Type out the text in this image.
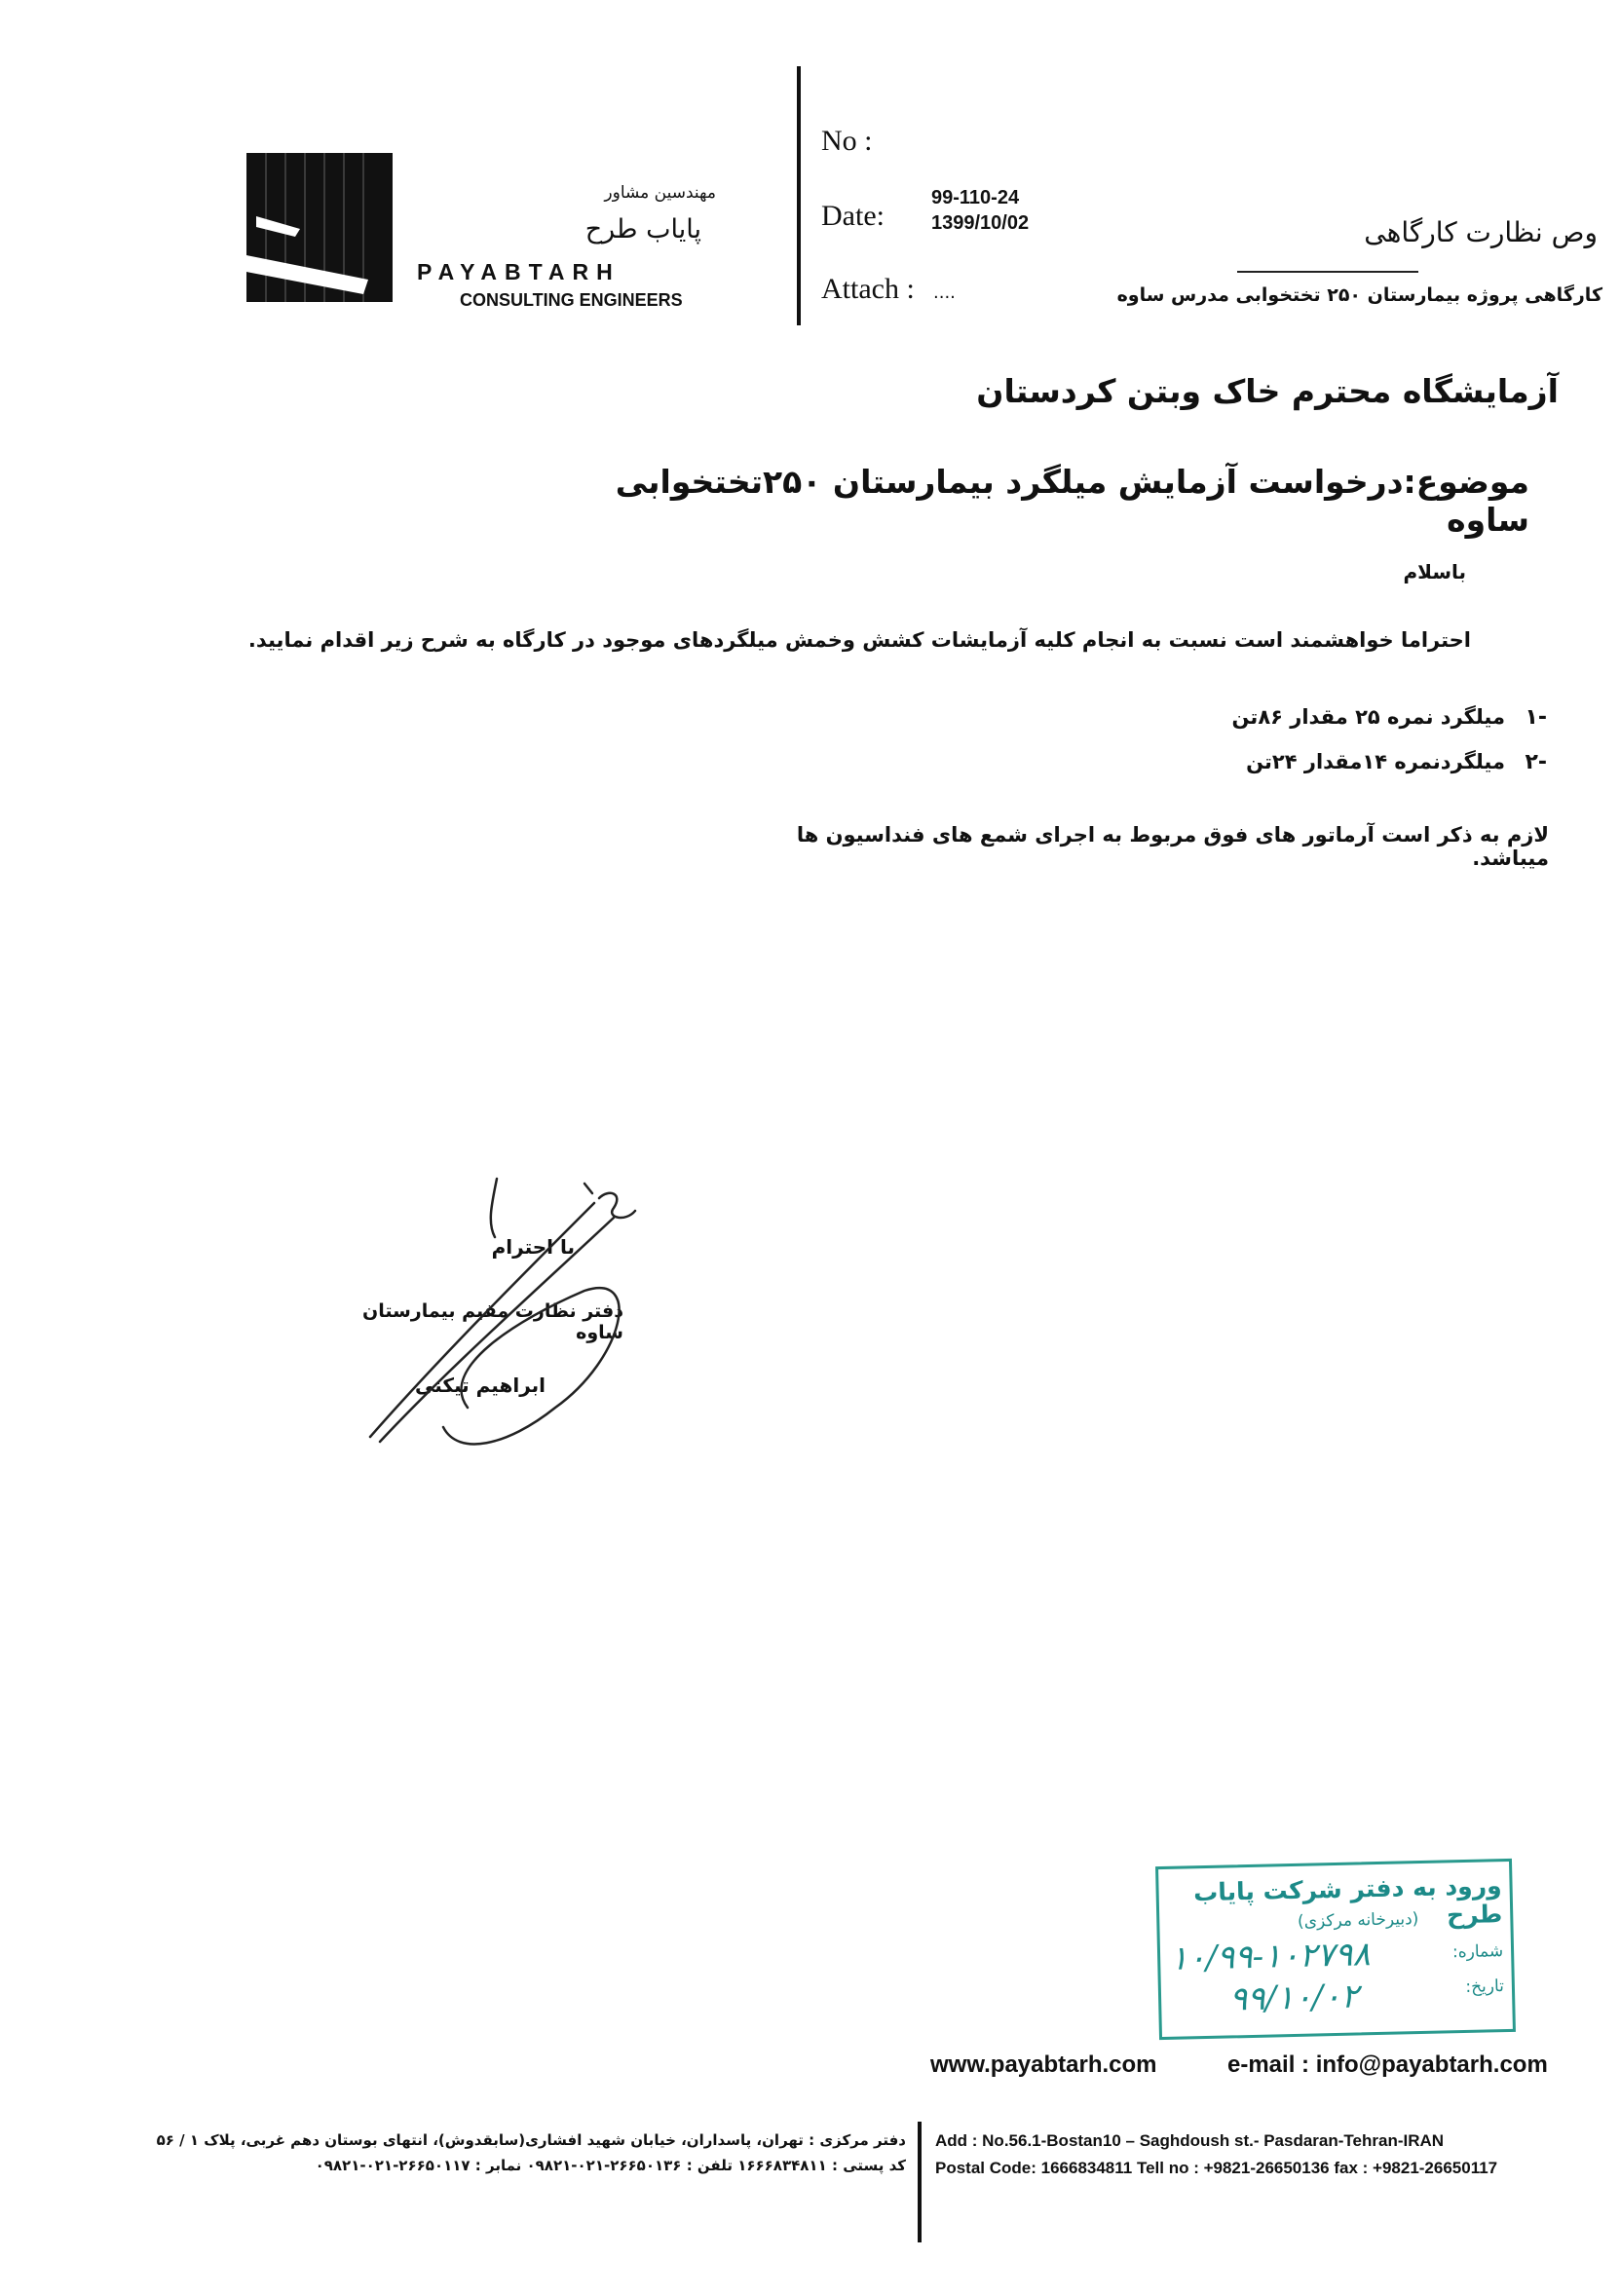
مهندسین مشاور
پایاب طرح
PAYABTARH
CONSULTING ENGINEERS
No :
Date:
Attach : ....
99-110-24
1399/10/02	وص نظارت کارگاهی
کارگاهی پروژه بیمارستان ۲۵۰ تختخوابی مدرس ساوه
آزمایشگاه محترم خاک وبتن کردستان
موضوع:درخواست آزمایش میلگرد بیمارستان ۲۵۰تختخوابی ساوه
باسلام
احتراما خواهشمند است نسبت به انجام کلیه آزمایشات کشش وخمش میلگردهای موجود در کارگاه به شرح زیر اقدام نمایید.
۱-
میلگرد نمره ۲۵ مقدار ۸۶تن
۲-
میلگردنمره ۱۴مقدار ۲۴تن
لازم به ذکر است آرماتور های فوق مربوط به اجرای شمع های فنداسیون ها میباشد.
با احترام
دفتر نظارت مقیم بیمارستان ساوه
ابراهیم تیکنی
ورود به دفتر شرکت پایاب طرح
(دبیرخانه مرکزی)
شماره:
۱۰/۹۹-۱۰۲۷۹۸
تاریخ:
۹۹/۱۰/۰۲
www.payabtarh.com	e-mail : info@payabtarh.com
Add : No.56.1-Bostan10 – Saghdoush st.- Pasdaran-Tehran-IRAN
Postal Code: 1666834811 Tell no : +9821-26650136 fax : +9821-26650117
دفتر مرکزی : تهران، پاسداران، خیابان شهید افشاری(سابقدوش)، انتهای بوستان دهم غربی، پلاک ۱ / ۵۶
کد پستی : ۱۶۶۶۸۳۴۸۱۱ تلفن : ۲۶۶۵۰۱۳۶-۰۲۱-۰۹۸۲۱ نمابر : ۲۶۶۵۰۱۱۷-۰۲۱-۰۹۸۲۱
